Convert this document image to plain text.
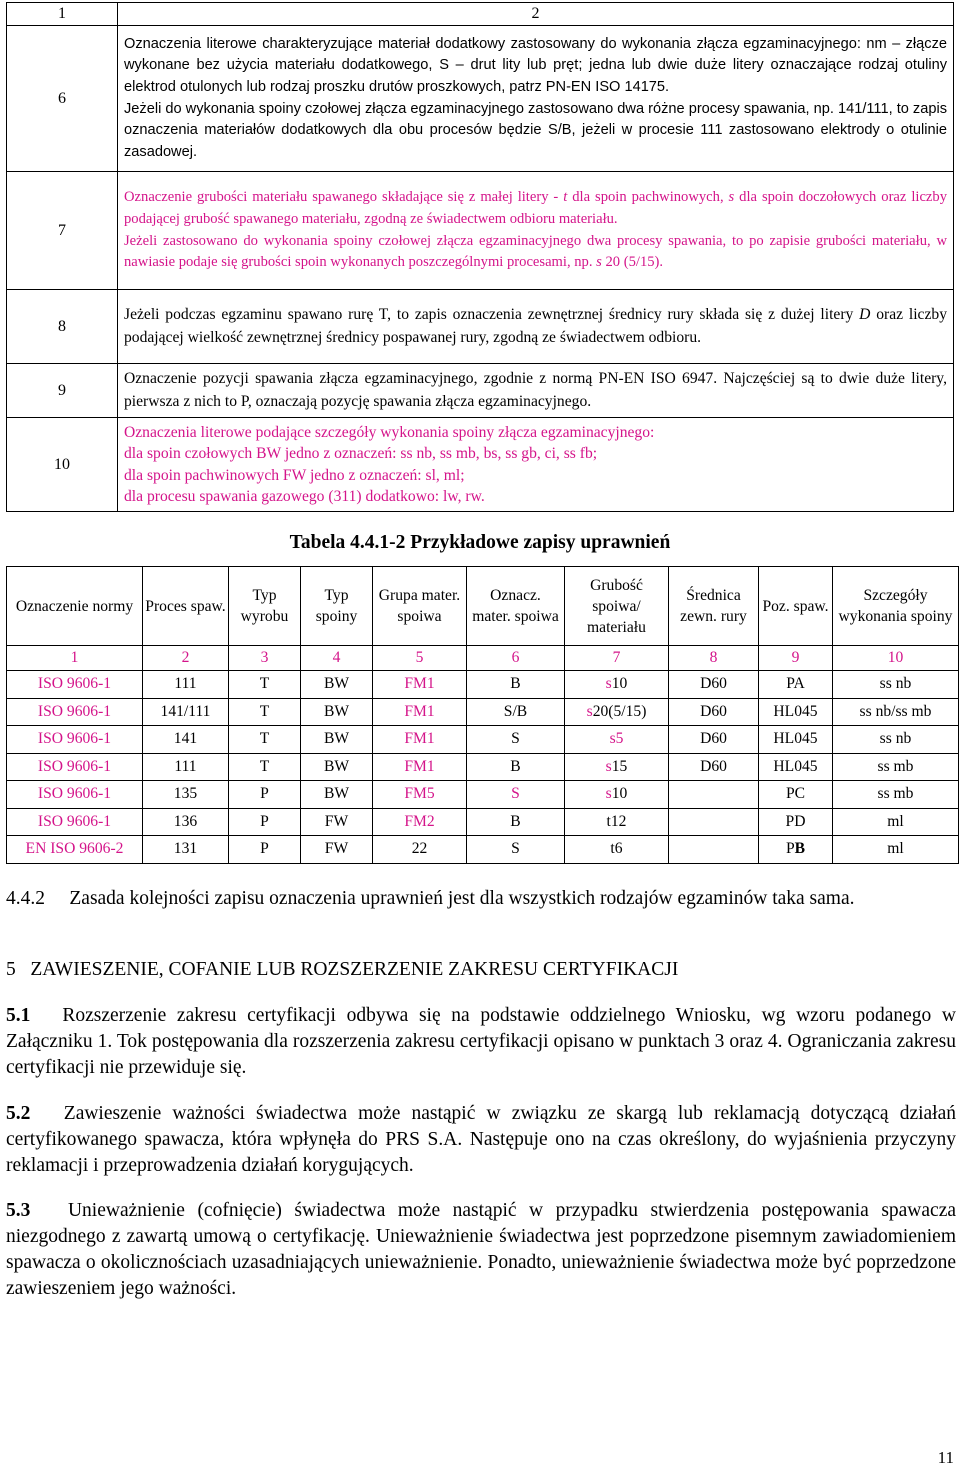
1	2
6	Oznaczenia literowe charakteryzujące materiał dodatkowy zastosowany do wykonania złącza egzaminacyjnego: nm – złącze wykonane bez użycia materiału dodatkowego, S – drut lity lub pręt; jedna lub dwie duże litery oznaczające rodzaj otuliny elektrod otulonych lub rodzaj proszku drutów proszkowych, patrz PN-EN ISO 14175.
Jeżeli do wykonania spoiny czołowej złącza egzaminacyjnego zastosowano dwa różne procesy spawania, np. 141/111, to zapis oznaczenia materiałów dodatkowych dla obu procesów będzie S/B, jeżeli w procesie 111 zastosowano elektrody o otulinie zasadowej.

7	Oznaczenie grubości materiału spawanego składające się z małej litery - t dla spoin pachwinowych, s dla spoin doczołowych oraz liczby podającej grubość spawanego materiału, zgodną ze świadectwem odbioru materiału.
Jeżeli zastosowano do wykonania spoiny czołowej złącza egzaminacyjnego dwa procesy spawania, to po zapisie grubości materiału, w nawiasie podaje się grubości spoin wykonanych poszczególnymi procesami, np. s 20 (5/15).

8	Jeżeli podczas egzaminu spawano rurę T, to zapis oznaczenia zewnętrznej średnicy rury składa się z dużej litery D oraz liczby podającej wielkość zewnętrznej średnicy pospawanej rury, zgodną ze świadectwem odbioru.
9	Oznaczenie pozycji spawania złącza egzaminacyjnego, zgodnie z normą PN-EN ISO 6947. Najczęściej są to dwie duże litery, pierwsza z nich to P, oznaczają pozycję spawania złącza egzaminacyjnego.
10	Oznaczenia literowe podające szczegóły wykonania spoiny złącza egzaminacyjnego:
dla spoin czołowych BW jedno z oznaczeń: ss nb, ss mb, bs, ss gb, ci, ss fb;
dla spoin pachwinowych FW jedno z oznaczeń: sl, ml;
dla procesu spawania gazowego (311) dodatkowo: lw, rw.
Tabela 4.4.1-2 Przykładowe zapisy uprawnień
Oznaczenie normy	Proces spaw.	Typ wyrobu	Typ spoiny	Grupa mater. spoiwa	Oznacz. mater. spoiwa	Grubość spoiwa/ materiału	Średnica zewn. rury	Poz. spaw.	Szczegóły wykonania spoiny
1	2	3	4	5	6	7	8	9	10
ISO 9606-1	111	T	BW	FM1	B	s10	D60	PA	ss nb
ISO 9606-1	141/111	T	BW	FM1	S/B	s20(5/15)	D60	HL045	ss nb/ss mb
ISO 9606-1	141	T	BW	FM1	S	s5	D60	HL045	ss nb
ISO 9606-1	111	T	BW	FM1	B	s15	D60	HL045	ss mb
ISO 9606-1	135	P	BW	FM5	S	s10		PC	ss mb
ISO 9606-1	136	P	FW	FM2	B	t12		PD	ml
EN ISO 9606-2	131	P	FW	22	S	t6		PB	ml
4.4.2 Zasada kolejności zapisu oznaczenia uprawnień jest dla wszystkich rodzajów egzaminów taka sama.
5 ZAWIESZENIE, COFANIE LUB ROZSZERZENIE ZAKRESU CERTYFIKACJI
5.1 Rozszerzenie zakresu certyfikacji odbywa się na podstawie oddzielnego Wniosku, wg wzoru podanego w Załączniku 1. Tok postępowania dla rozszerzenia zakresu certyfikacji opisano w punktach 3 oraz 4. Ograniczania zakresu certyfikacji nie przewiduje się.
5.2 Zawieszenie ważności świadectwa może nastąpić w związku ze skargą lub reklamacją dotyczącą działań certyfikowanego spawacza, która wpłynęła do PRS S.A. Następuje ono na czas określony, do wyjaśnienia przyczyny reklamacji i przeprowadzenia działań korygujących.
5.3 Unieważnienie (cofnięcie) świadectwa może nastąpić w przypadku stwierdzenia postępowania spawacza niezgodnego z zawartą umową o certyfikację. Unieważnienie świadectwa jest poprzedzone pisemnym zawiadomieniem spawacza o okolicznościach uzasadniających unieważnienie. Ponadto, unieważnienie świadectwa może być poprzedzone zawieszeniem jego ważności.
11
